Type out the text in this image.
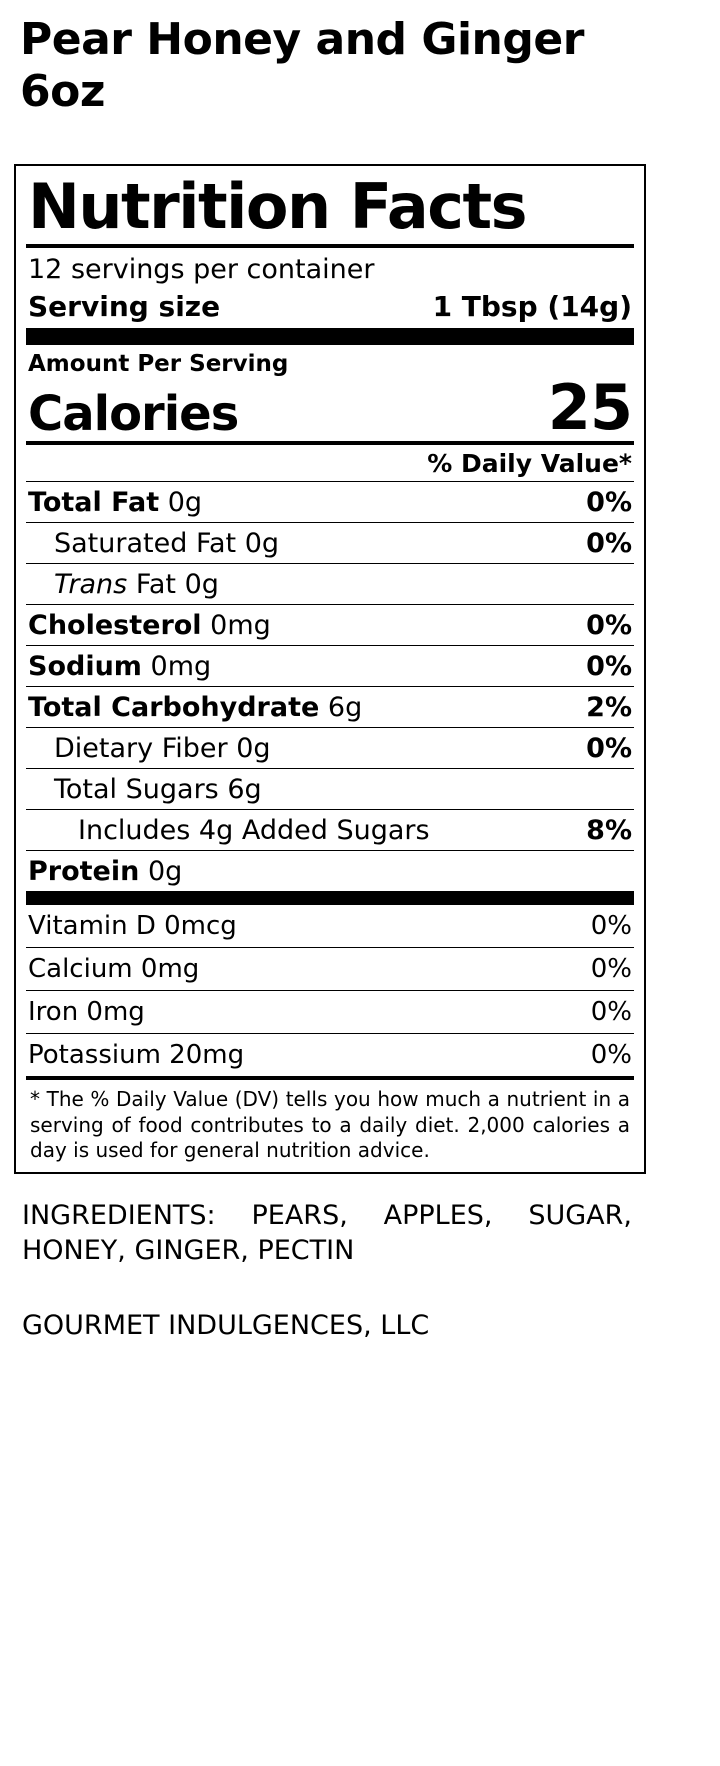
Pear Honey and Ginger 6oz
Nutrition Facts
12 servings per container
Serving size	1 Tbsp (14g)
Amount Per Serving
Calories	25
% Daily Value*
Total Fat 0g	0%
Saturated Fat 0g	0%
Trans Fat 0g
Cholesterol 0mg	0%
Sodium 0mg	0%
Total Carbohydrate 6g	2%
Dietary Fiber 0g	0%
Total Sugars 6g
Includes 4g Added Sugars	8%
Protein 0g
Vitamin D 0mcg	0%
Calcium 0mg	0%
Iron 0mg	0%
Potassium 20mg	0%
* The % Daily Value (DV) tells you how much a nutrient in a serving of food contributes to a daily diet. 2,000 calories a day is used for general nutrition advice.
INGREDIENTS: PEARS, APPLES, SUGAR, HONEY, GINGER, PECTIN
GOURMET INDULGENCES, LLC
